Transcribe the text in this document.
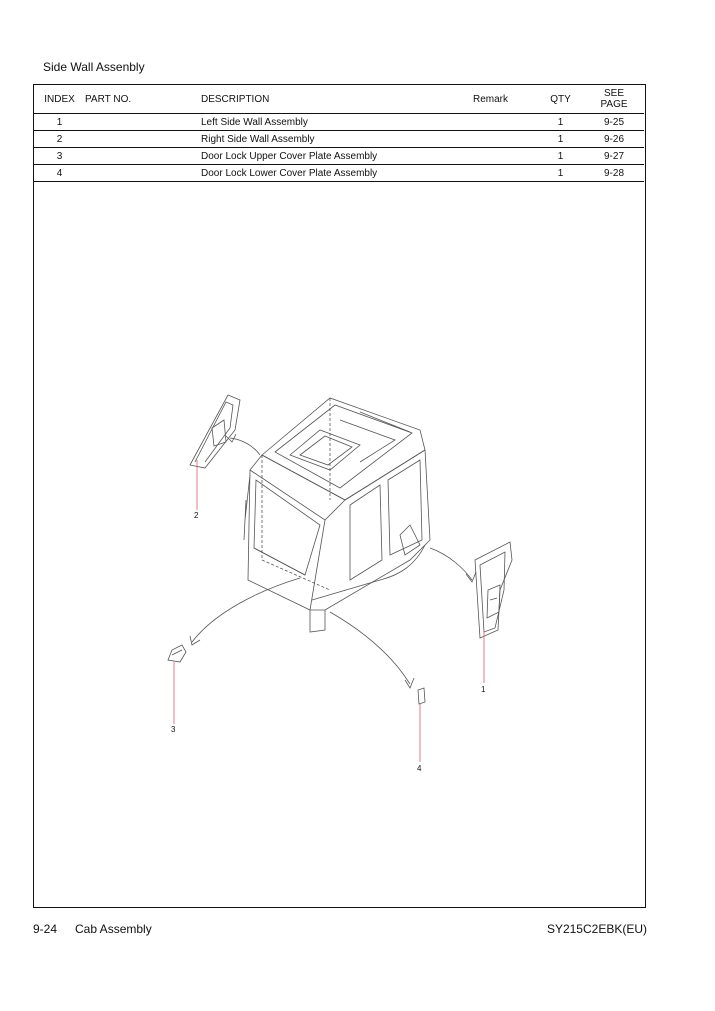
Side Wall Assenbly
INDEX	PART NO.	DESCRIPTION	Remark	QTY	SEE
PAGE

1		Left Side Wall Assembly		1	9-25
2		Right Side Wall Assembly		1	9-26
3		Door Lock Upper Cover Plate Assembly		1	9-27
4		Door Lock Lower Cover Plate Assembly		1	9-28
2
1
3
4
9-24 Cab Assembly	SY215C2EBK(EU)
